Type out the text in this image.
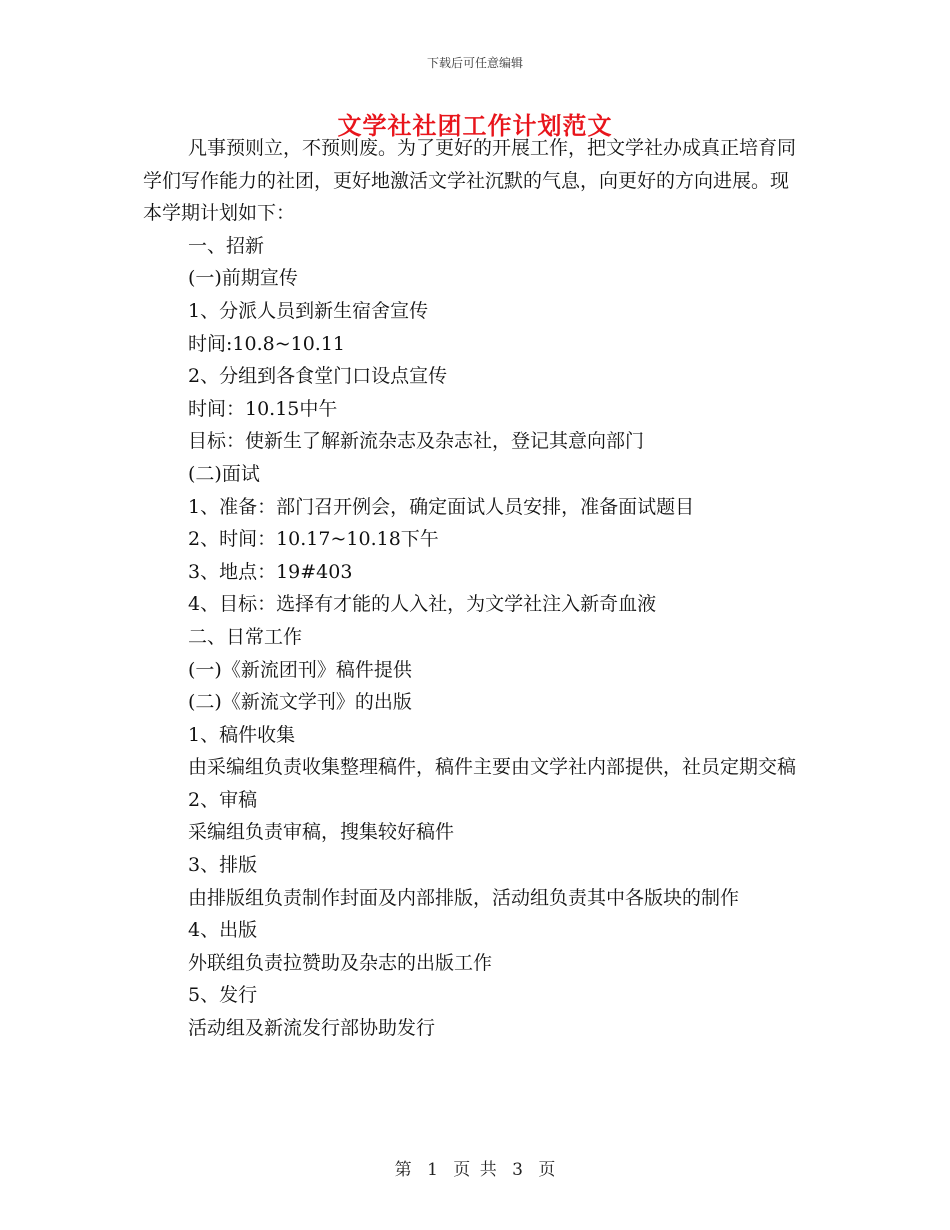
下载后可任意编辑
文学社社团工作计划范文

凡事预则立，不预则废。为了更好的开展工作，把文学社办成真正培育同学们写作能力的社团，更好地激活文学社沉默的气息，向更好的方向进展。现本学期计划如下：

一、招新

(一)前期宣传

1、分派人员到新生宿舍宣传

时间:10.8~10.11

2、分组到各食堂门口设点宣传

时间：10.15中午

目标：使新生了解新流杂志及杂志社，登记其意向部门

(二)面试

1、准备：部门召开例会，确定面试人员安排，准备面试题目

2、时间：10.17~10.18下午

3、地点：19#403

4、目标：选择有才能的人入社，为文学社注入新奇血液

二、日常工作

(一)《新流团刊》稿件提供

(二)《新流文学刊》的出版

1、稿件收集

由采编组负责收集整理稿件，稿件主要由文学社内部提供，社员定期交稿

2、审稿

采编组负责审稿，搜集较好稿件

3、排版

由排版组负责制作封面及内部排版，活动组负责其中各版块的制作

4、出版

外联组负责拉赞助及杂志的出版工作

5、发行

活动组及新流发行部协助发行

第 1 页 共 3 页
